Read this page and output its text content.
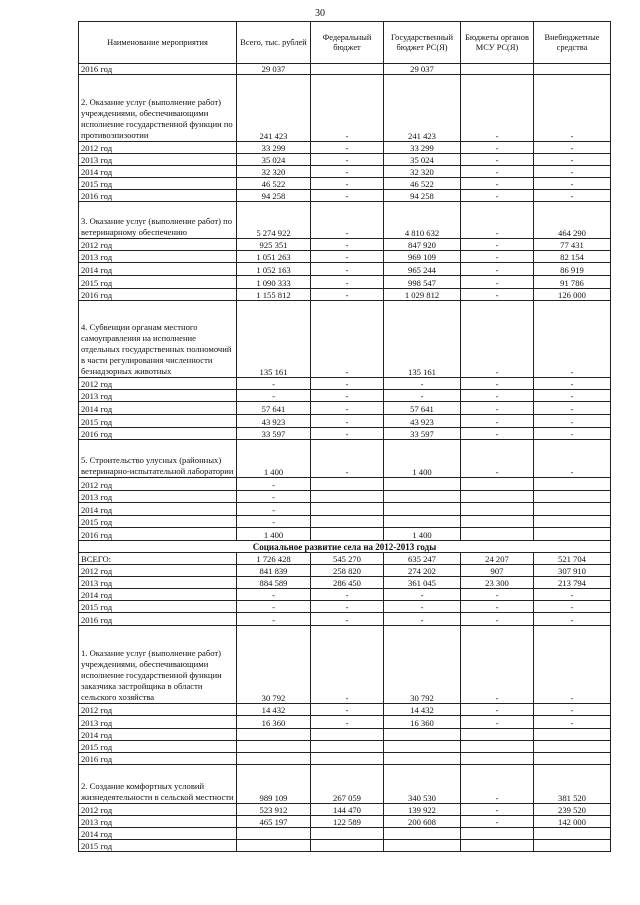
30
Наименование мероприятия	Всего, тыс. рублей	Федеральный бюджет	Государственный бюджет РС(Я)	Бюджеты органов МСУ РС(Я)	Внебюджетные средства
2016 год	29 037		29 037		
2. Оказание услуг (выполнение работ) учреждениями, обеспечивающими исполнение государственной функции по противоэпизоотии	241 423	-	241 423	-	-
2012 год	33 299	-	33 299	-	-
2013 год	35 024	-	35 024	-	-
2014 год	32 320	-	32 320	-	-
2015 год	46 522	-	46 522	-	-
2016 год	94 258	-	94 258	-	-
3. Оказание услуг (выполнение работ) по ветеринарному обеспечению	5 274 922	-	4 810 632	-	464 290
2012 год	925 351	-	847 920	-	77 431
2013 год	1 051 263	-	969 109	-	82 154
2014 год	1 052 163	-	965 244	-	86 919
2015 год	1 090 333	-	998 547	-	91 786
2016 год	1 155 812	-	1 029 812	-	126 000
4. Субвенции органам местного самоуправления на исполнение отдельных государственных полномочий в части регулирования численности безнадзорных животных	135 161	-	135 161	-	-
2012 год	-	-	-	-	-
2013 год	-	-	-	-	-
2014 год	57 641	-	57 641	-	-
2015 год	43 923	-	43 923	-	-
2016 год	33 597	-	33 597	-	-
5. Строительство улусных (районных) ветеринарно-испытательной лаборатории	1 400	-	1 400	-	-
2012 год	-				
2013 год	-				
2014 год	-				
2015 год	-				
2016 год	1 400		1 400		
Социальное развитие села на 2012-2013 годы					
ВСЕГО:	1 726 428	545 270	635 247	24 207	521 704
2012 год	841 839	258 820	274 202	907	307 910
2013 год	884 589	286 450	361 045	23 300	213 794
2014 год	-	-	-	-	-
2015 год	-	-	-	-	-
2016 год	-	-	-	-	-
1. Оказание услуг (выполнение работ) учреждениями, обеспечивающими исполнение государственной функции заказчика застройщика в области сельского хозяйства	30 792	-	30 792	-	-
2012 год	14 432	-	14 432	-	-
2013 год	16 360	-	16 360	-	-
2014 год					
2015 год					
2016 год					
2. Создание комфортных условий жизнедеятельности в сельской местности	989 109	267 059	340 530	-	381 520
2012 год	523 912	144 470	139 922	-	239 520
2013 год	465 197	122 589	200 608	-	142 000
2014 год					
2015 год					
